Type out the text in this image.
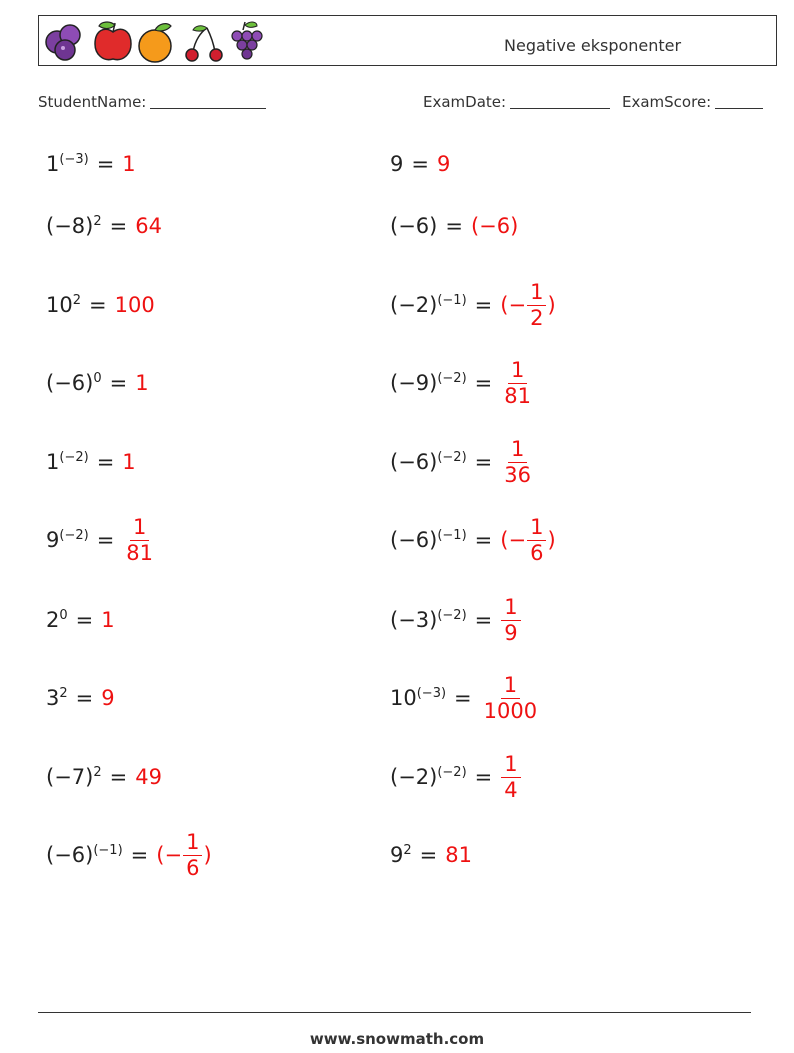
Negative eksponenter
StudentName:	ExamDate:	ExamScore:
$1^{(-3)} = 1$	9 = 9
$(-8)^2 = 64$	(−6) = (−6)
$10^2 = 100$	$(-2)^{(-1)}$ = (− $\frac{1}{2}$ )
$(-6)^0 = 1$	$(-9)^{(-2)} = \frac{1}{81}$
$1^{(-2)} = 1$	$(-6)^{(-2)} = \frac{1}{36}$
$9^{(-2)} = \frac{1}{81}$	$(-6)^{(-1)}$ = (− $\frac{1}{6}$ )
$2^0 = 1$	$(-3)^{(-2)} = \frac{1}{9}$
$3^2 = 9$	$10^{(-3)} = \frac{1}{1000}$
$(-7)^2 = 49$	$(-2)^{(-2)} = \frac{1}{4}$
$(-6)^{(-1)}$ = (− $\frac{1}{6}$ )	$9^2 = 81$
www.snowmath.com
